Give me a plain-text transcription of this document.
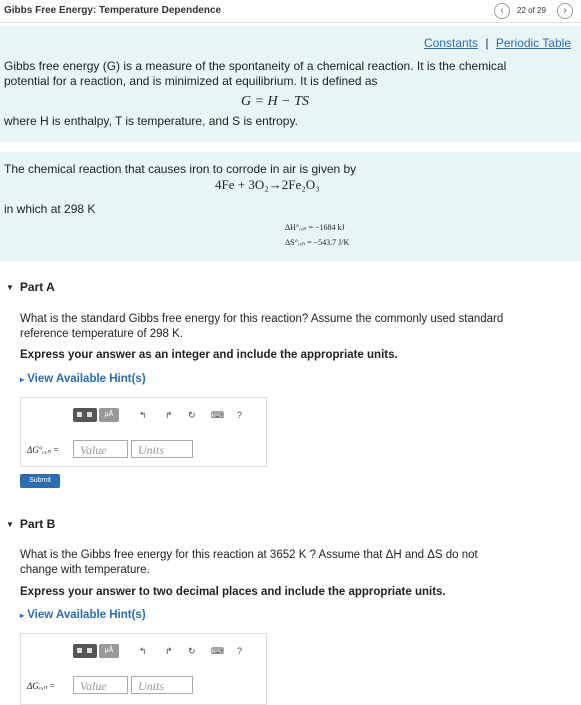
Gibbs Free Energy: Temperature Dependence	‹	22 of 29	›
Constants | Periodic Table
Gibbs free energy (G) is a measure of the spontaneity of a chemical reaction. It is the chemical
potential for a reaction, and is minimized at equilibrium. It is defined as
G = H − TS
where H is enthalpy, T is temperature, and S is entropy.
The chemical reaction that causes iron to corrode in air is given by
4Fe + 3O₂→2Fe₂O₃
in which at 298 K
ΔH°ᵣₓₙ = −1684 kJ
ΔS°ᵣₓₙ = −543.7 J/K
▼ Part A
What is the standard Gibbs free energy for this reaction? Assume the commonly used standard
reference temperature of 298 K.
Express your answer as an integer and include the appropriate units.
▸ View Available Hint(s)
μÅ	↰ ↱ ↻ ⌨ ?
ΔG°ᵣₓₙ =	Value	Units
Submit
▼ Part B
What is the Gibbs free energy for this reaction at 3652 K ? Assume that ΔH and ΔS do not
change with temperature.
Express your answer to two decimal places and include the appropriate units.
▸ View Available Hint(s)
μÅ	↰ ↱ ↻ ⌨ ?
ΔGᵣₓₙ =	Value	Units
